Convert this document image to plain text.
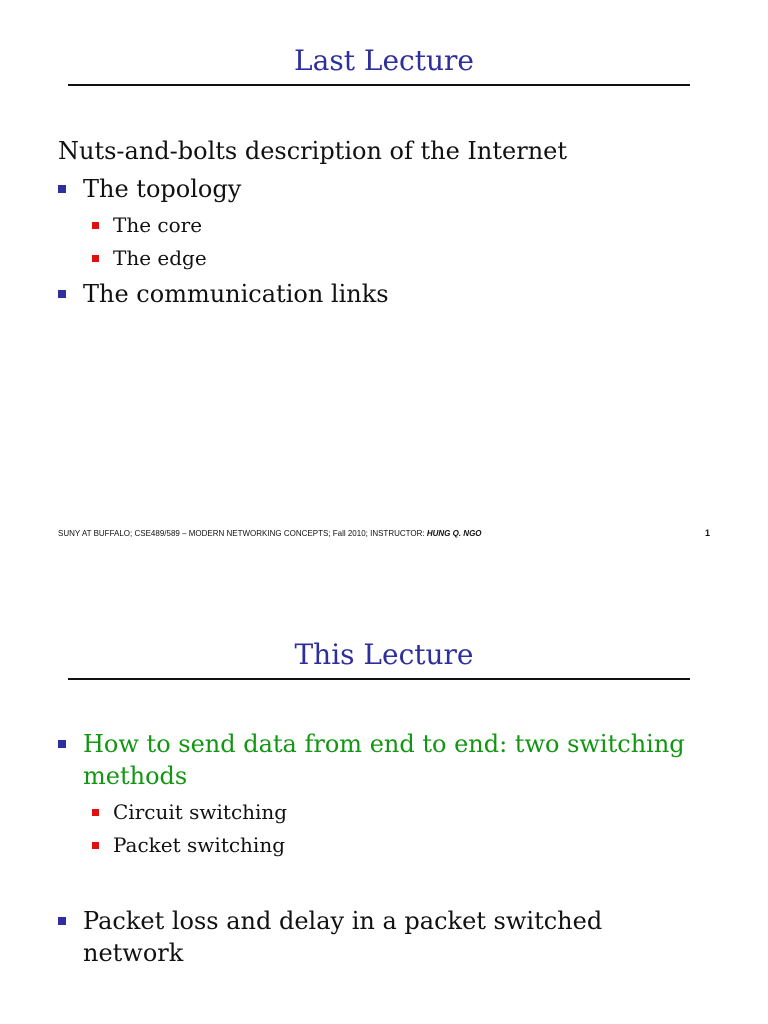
Last Lecture
Nuts-and-bolts description of the Internet
The topology
The core
The edge
The communication links
SUNY AT BUFFALO; CSE489/589 – MODERN NETWORKING CONCEPTS; Fall 2010; INSTRUCTOR: HUNG Q. NGO	1
This Lecture
How to send data from end to end: two switching methods
Circuit switching
Packet switching
Packet loss and delay in a packet switched network
